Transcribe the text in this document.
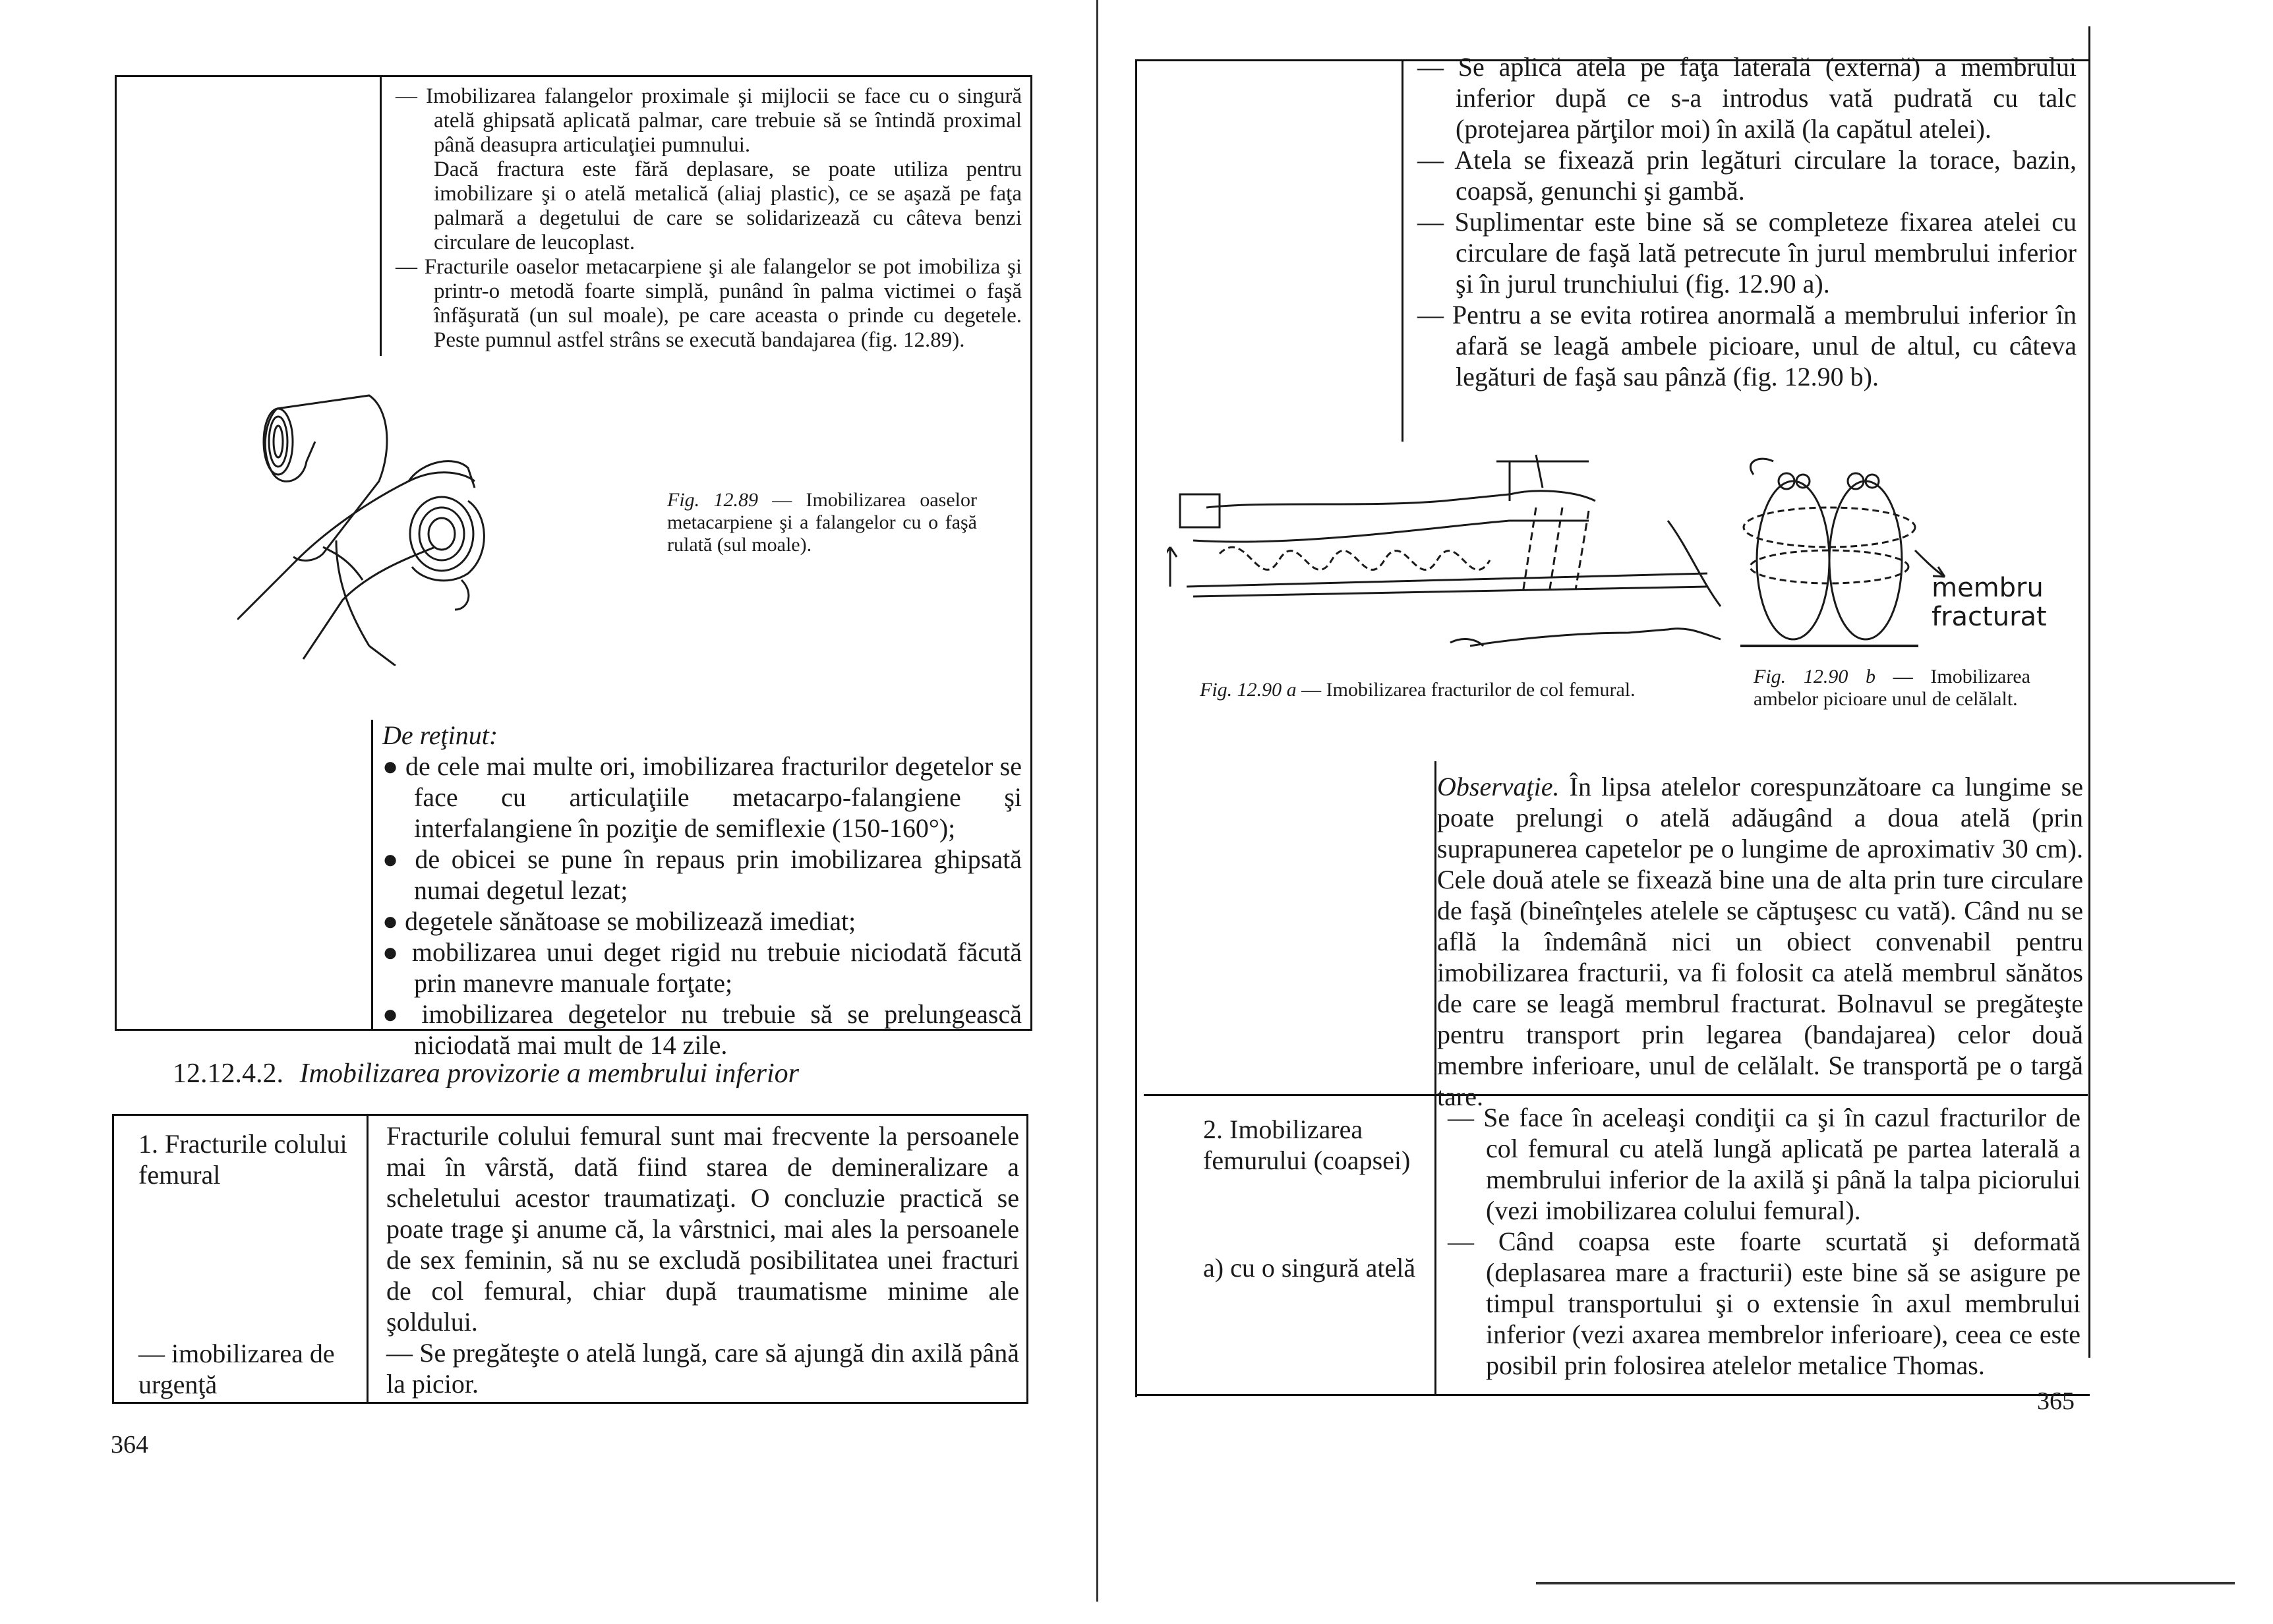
— Imobilizarea falangelor proximale şi mijlocii se face cu o singură atelă ghipsată aplicată palmar, care trebuie să se întindă proximal până deasupra articulaţiei pumnului.

Dacă fractura este fără deplasare, se poate utiliza pentru imobilizare şi o atelă metalică (aliaj plastic), ce se aşază pe faţa palmară a degetului de care se solidarizează cu câteva benzi circulare de leucoplast.

— Fracturile oaselor metacarpiene şi ale falangelor se pot imobiliza şi printr-o metodă foarte simplă, punând în palma victimei o faşă înfăşurată (un sul moale), pe care aceasta o prinde cu degetele. Peste pumnul astfel strâns se execută bandajarea (fig. 12.89).

Fig. 12.89 — Imobilizarea oaselor metacarpiene şi a falangelor cu o faşă rulată (sul moale).

De reţinut:

● de cele mai multe ori, imobilizarea fracturilor degetelor se face cu articulaţiile metacarpo-falangiene şi interfalangiene în poziţie de semiflexie (150-160°);

● de obicei se pune în repaus prin imobilizarea ghipsată numai degetul lezat;

● degetele sănătoase se mobilizează imediat;

● mobilizarea unui deget rigid nu trebuie niciodată făcută prin manevre manuale forţate;

● imobilizarea degetelor nu trebuie să se prelungească niciodată mai mult de 14 zile.

12.12.4.2. Imobilizarea provizorie a membrului inferior
1. Fracturile colului femural
— imobilizarea de urgenţă

Fracturile colului femural sunt mai frecvente la persoanele mai în vârstă, dată fiind starea de demineralizare a scheletului acestor traumatizaţi. O concluzie practică se poate trage şi anume că, la vârstnici, mai ales la persoanele de sex feminin, să nu se excludă posibilitatea unei fracturi de col femural, chiar după traumatisme minime ale şoldului.

— Se pregăteşte o atelă lungă, care să ajungă din axilă până la picior.

364

— Se aplică atela pe faţa laterală (externă) a membrului inferior după ce s-a introdus vată pudrată cu talc (protejarea părţilor moi) în axilă (la capătul atelei).

— Atela se fixează prin legături circulare la torace, bazin, coapsă, genunchi şi gambă.

— Suplimentar este bine să se completeze fixarea atelei cu circulare de faşă lată petrecute în jurul membrului inferior şi în jurul trunchiului (fig. 12.90 a).

— Pentru a se evita rotirea anormală a membrului inferior în afară se leagă ambele picioare, unul de altul, cu câteva legături de faşă sau pânză (fig. 12.90 b).

membru fracturat
Fig. 12.90 a — Imobilizarea fracturilor de col femural.
Fig. 12.90 b — Imobilizarea ambelor picioare unul de celălalt.
Observaţie. În lipsa atelelor corespunzătoare ca lungime se poate prelungi o atelă adăugând a doua atelă (prin suprapunerea capetelor pe o lungime de aproximativ 30 cm). Cele două atele se fixează bine una de alta prin ture circulare de faşă (bineînţeles atelele se căptuşesc cu vată). Când nu se află la îndemână nici un obiect convenabil pentru imobilizarea fracturii, va fi folosit ca atelă membrul sănătos de care se leagă membrul fracturat. Bolnavul se pregăteşte pentru transport prin legarea (bandajarea) celor două membre inferioare, unul de celălalt. Se transportă pe o targă tare.
2. Imobilizarea femurului (coapsei)
a) cu o singură atelă

— Se face în aceleaşi condiţii ca şi în cazul fracturilor de col femural cu atelă lungă aplicată pe partea laterală a membrului inferior de la axilă şi până la talpa piciorului (vezi imobilizarea colului femural).

— Când coapsa este foarte scurtată şi deformată (deplasarea mare a fracturii) este bine să se asigure pe timpul transportului şi o extensie în axul membrului inferior (vezi axarea membrelor inferioare), ceea ce este posibil prin folosirea atelelor metalice Thomas.

365
